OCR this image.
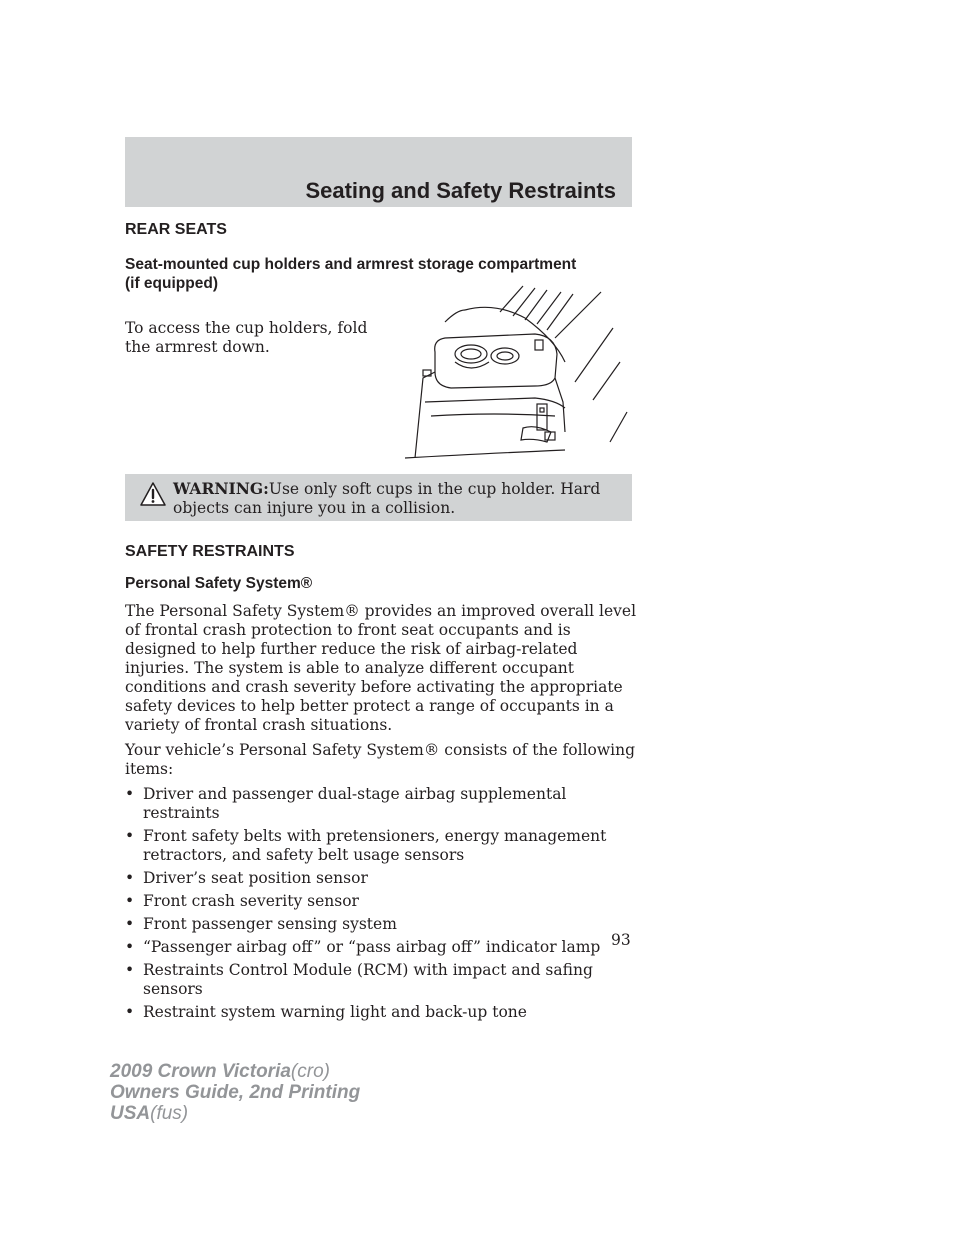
Seating and Safety Restraints

REAR SEATS

Seat-mounted cup holders and armrest storage compartment

(if equipped)

To access the cup holders, fold the armrest down.

WARNING:Use only soft cups in the cup holder. Hard objects can injure you in a collision.

SAFETY RESTRAINTS

Personal Safety System®

The Personal Safety System® provides an improved overall level of frontal crash protection to front seat occupants and is designed to help further reduce the risk of airbag-related injuries. The system is able to analyze different occupant conditions and crash severity before activating the appropriate safety devices to help better protect a range of occupants in a variety of frontal crash situations.

Your vehicle’s Personal Safety System® consists of the following items:

• Driver and passenger dual-stage airbag supplemental restraints
• Front safety belts with pretensioners, energy management retractors, and safety belt usage sensors
• Driver’s seat position sensor
• Front crash severity sensor
• Front passenger sensing system
• “Passenger airbag off” or “pass airbag off” indicator lamp
• Restraints Control Module (RCM) with impact and safing sensors
• Restraint system warning light and back-up tone
93
2009 Crown Victoria(cro)
Owners Guide, 2nd Printing
USA(fus)
